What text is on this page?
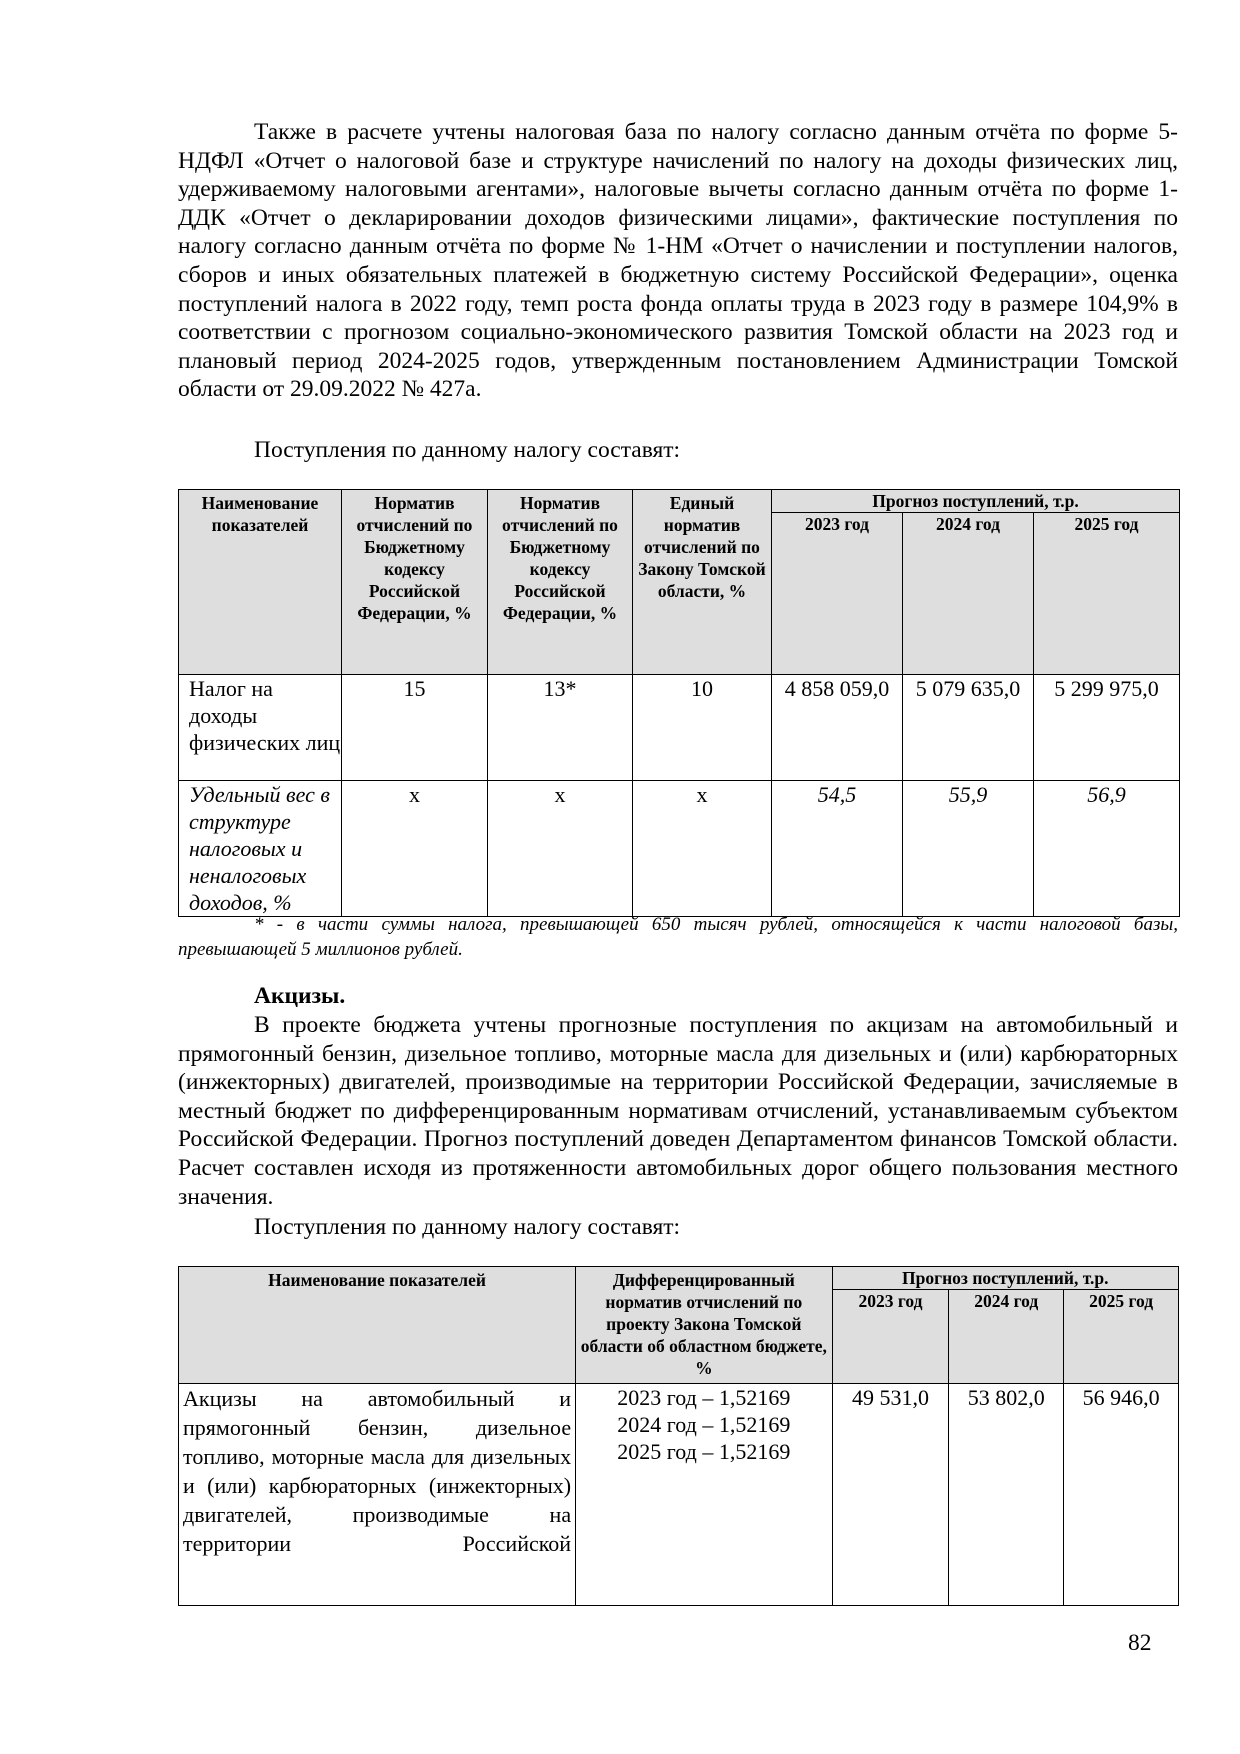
Также в расчете учтены налоговая база по налогу согласно данным отчёта по форме 5-НДФЛ «Отчет о налоговой базе и структуре начислений по налогу на доходы физических лиц, удерживаемому налоговыми агентами», налоговые вычеты согласно данным отчёта по форме 1-ДДК «Отчет о декларировании доходов физическими лицами», фактические поступления по налогу согласно данным отчёта по форме № 1-НМ «Отчет о начислении и поступлении налогов, сборов и иных обязательных платежей в бюджетную систему Российской Федерации», оценка поступлений налога в 2022 году, темп роста фонда оплаты труда в 2023 году в размере 104,9% в соответствии с прогнозом социально-экономического развития Томской области на 2023 год и плановый период 2024-2025 годов, утвержденным постановлением Администрации Томской области от 29.09.2022 № 427а.

Поступления по данному налогу составят:

Наименование показателей	Норматив отчислений по Бюджетному кодексу Российской Федерации, %	Норматив отчислений по Бюджетному кодексу Российской Федерации, %	Единый норматив отчислений по Закону Томской области, %	Прогноз поступлений, т.р.		
				2023 год	2024 год	2025 год
Налог на доходы физических лиц	15	13*	10	4 858 059,0	5 079 635,0	5 299 975,0
Удельный вес в структуре налоговых и неналоговых доходов, %	х	х	х	54,5	55,9	56,9

* - в части суммы налога, превышающей 650 тысяч рублей, относящейся к части налоговой базы, превышающей 5 миллионов рублей.

Акцизы.

В проекте бюджета учтены прогнозные поступления по акцизам на автомобильный и прямогонный бензин, дизельное топливо, моторные масла для дизельных и (или) карбюраторных (инжекторных) двигателей, производимые на территории Российской Федерации, зачисляемые в местный бюджет по дифференцированным нормативам отчислений, устанавливаемым субъектом Российской Федерации. Прогноз поступлений доведен Департаментом финансов Томской области. Расчет составлен исходя из протяженности автомобильных дорог общего пользования местного значения.

Поступления по данному налогу составят:

Наименование показателей	Дифференцированный норматив отчислений по проекту Закона Томской области об областном бюджете, %	Прогноз поступлений, т.р.		
		2023 год	2024 год	2025 год
Акцизы на автомобильный и прямогонный бензин, дизельное топливо, моторные масла для дизельных и (или) карбюраторных (инжекторных) двигателей, производимые на территории Российской	2023 год – 1,52169
2024 год – 1,52169
2025 год – 1,52169	49 531,0	53 802,0	56 946,0
82
